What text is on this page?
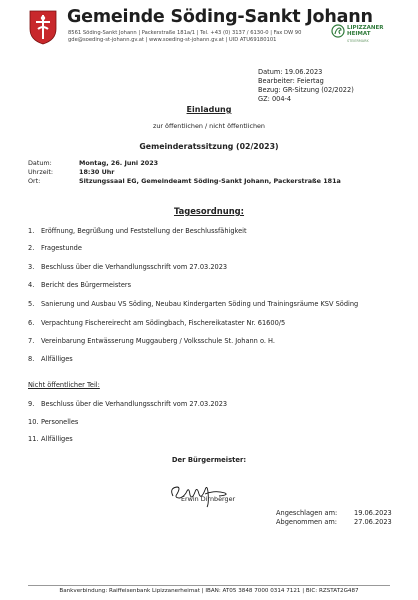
Gemeinde Söding-Sankt Johann
8561 Söding-Sankt Johann | Packerstraße 181a/1 | Tel. +43 (0) 3137 / 6130-0 | Fax DW 90
gde@soeding-st-johann.gv.at | www.soeding-st-johann.gv.at | UID ATU69180101
LIPIZZANER
HEIMAT
STEIERMARK
Datum: 19.06.2023
Bearbeiter: Feiertag
Bezug: GR-Sitzung (02/2022)
GZ: 004-4
Einladung
zur öffentlichen / nicht öffentlichen
Gemeinderatssitzung (02/2023)
Datum:	Montag, 26. Juni 2023
Uhrzeit:	18:30 Uhr
Ort:	Sitzungssaal EG, Gemeindeamt Söding-Sankt Johann, Packerstraße 181a
Tagesordnung:
1. Eröffnung, Begrüßung und Feststellung der Beschlussfähigkeit
2. Fragestunde
3. Beschluss über die Verhandlungsschrift vom 27.03.2023
4. Bericht des Bürgermeisters
5. Sanierung und Ausbau VS Söding, Neubau Kindergarten Söding und Trainingsräume KSV Söding
6. Verpachtung Fischereirecht am Södingbach, Fischereikataster Nr. 61600/5
7. Vereinbarung Entwässerung Muggauberg / Volksschule St. Johann o. H.
8. Allfälliges
Nicht öffentlicher Teil:
9. Beschluss über die Verhandlungsschrift vom 27.03.2023
10. Personelles
11. Allfälliges
Der Bürgermeister:
Erwin Dirnberger
Angeschlagen am:	19.06.2023
Abgenommen am:	27.06.2023
Bankverbindung: Raiffeisenbank Lipizzanerheimat | IBAN: AT05 3848 7000 0314 7121 | BIC: RZSTAT2G487
